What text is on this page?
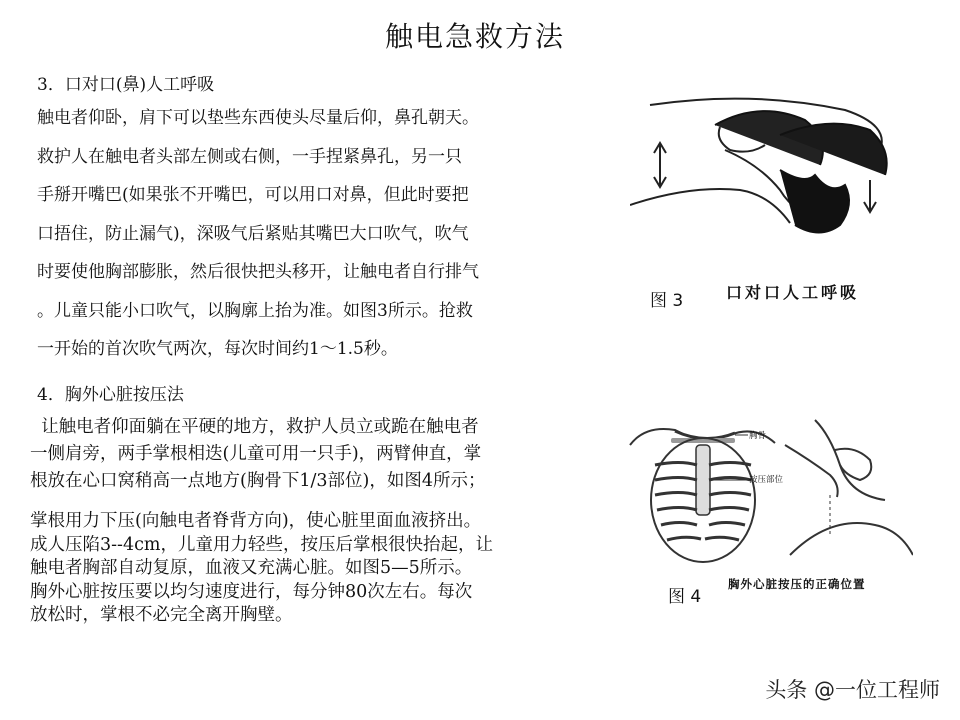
触电急救方法
3．口对口(鼻)人工呼吸
触电者仰卧，肩下可以垫些东西使头尽量后仰，鼻孔朝天。
救护人在触电者头部左侧或右侧，一手捏紧鼻孔，另一只
手掰开嘴巴(如果张不开嘴巴，可以用口对鼻，但此时要把
口捂住，防止漏气)，深吸气后紧贴其嘴巴大口吹气，吹气
时要使他胸部膨胀，然后很快把头移开，让触电者自行排气
。儿童只能小口吹气，以胸廓上抬为准。如图3所示。抢救
一开始的首次吹气两次，每次时间约1～1.5秒。
4．胸外心脏按压法
让触电者仰面躺在平硬的地方，救护人员立或跪在触电者
一侧肩旁，两手掌根相迭(儿童可用一只手)，两臂伸直，掌
根放在心口窝稍高一点地方(胸骨下1/3部位)，如图4所示；
掌根用力下压(向触电者脊背方向)，使心脏里面血液挤出。
成人压陷3--4cm，儿童用力轻些，按压后掌根很快抬起，让
触电者胸部自动复原，血液又充满心脏。如图5—5所示。
胸外心脏按压要以均匀速度进行，每分钟80次左右。每次
放松时，掌根不必完全离开胸壁。
图 3	口对口人工呼吸
胸骨
按压部位
图 4
胸外心脏按压的正确位置
头条 @一位工程师
